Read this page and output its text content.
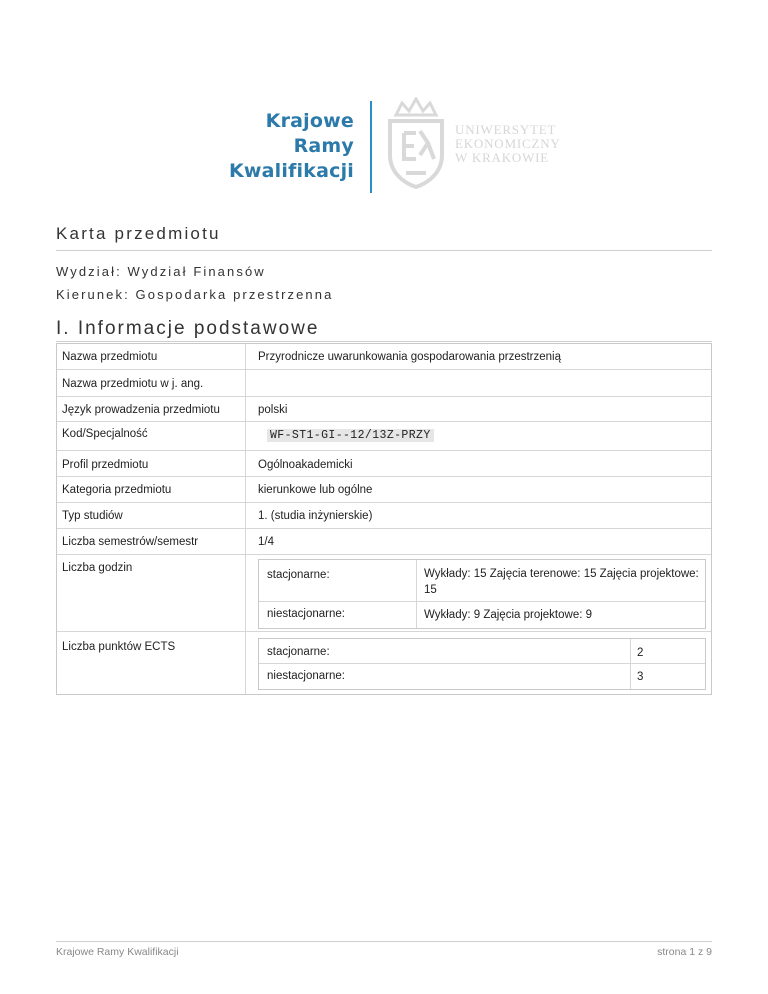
Krajowe
Ramy
Kwalifikacji
UNIWERSYTET
EKONOMICZNY
W KRAKOWIE
Karta przedmiotu
Wydział: Wydział Finansów
Kierunek: Gospodarka przestrzenna
I. Informacje podstawowe
Nazwa przedmiotu	Przyrodnicze uwarunkowania gospodarowania przestrzenią
Nazwa przedmiotu w j. ang.
Język prowadzenia przedmiotu	polski
Kod/Specjalność	WF-ST1-GI--12/13Z-PRZY
Profil przedmiotu	Ogólnoakademicki
Kategoria przedmiotu	kierunkowe lub ogólne
Typ studiów	1. (studia inżynierskie)
Liczba semestrów/semestr	1/4
Liczba godzin
stacjonarne:	Wykłady: 15 Zajęcia terenowe: 15 Zajęcia projektowe: 15
niestacjonarne:	Wykłady: 9 Zajęcia projektowe: 9
Liczba punktów ECTS	stacjonarne:	2
niestacjonarne:	3
Krajowe Ramy Kwalifikacji	strona 1 z 9
